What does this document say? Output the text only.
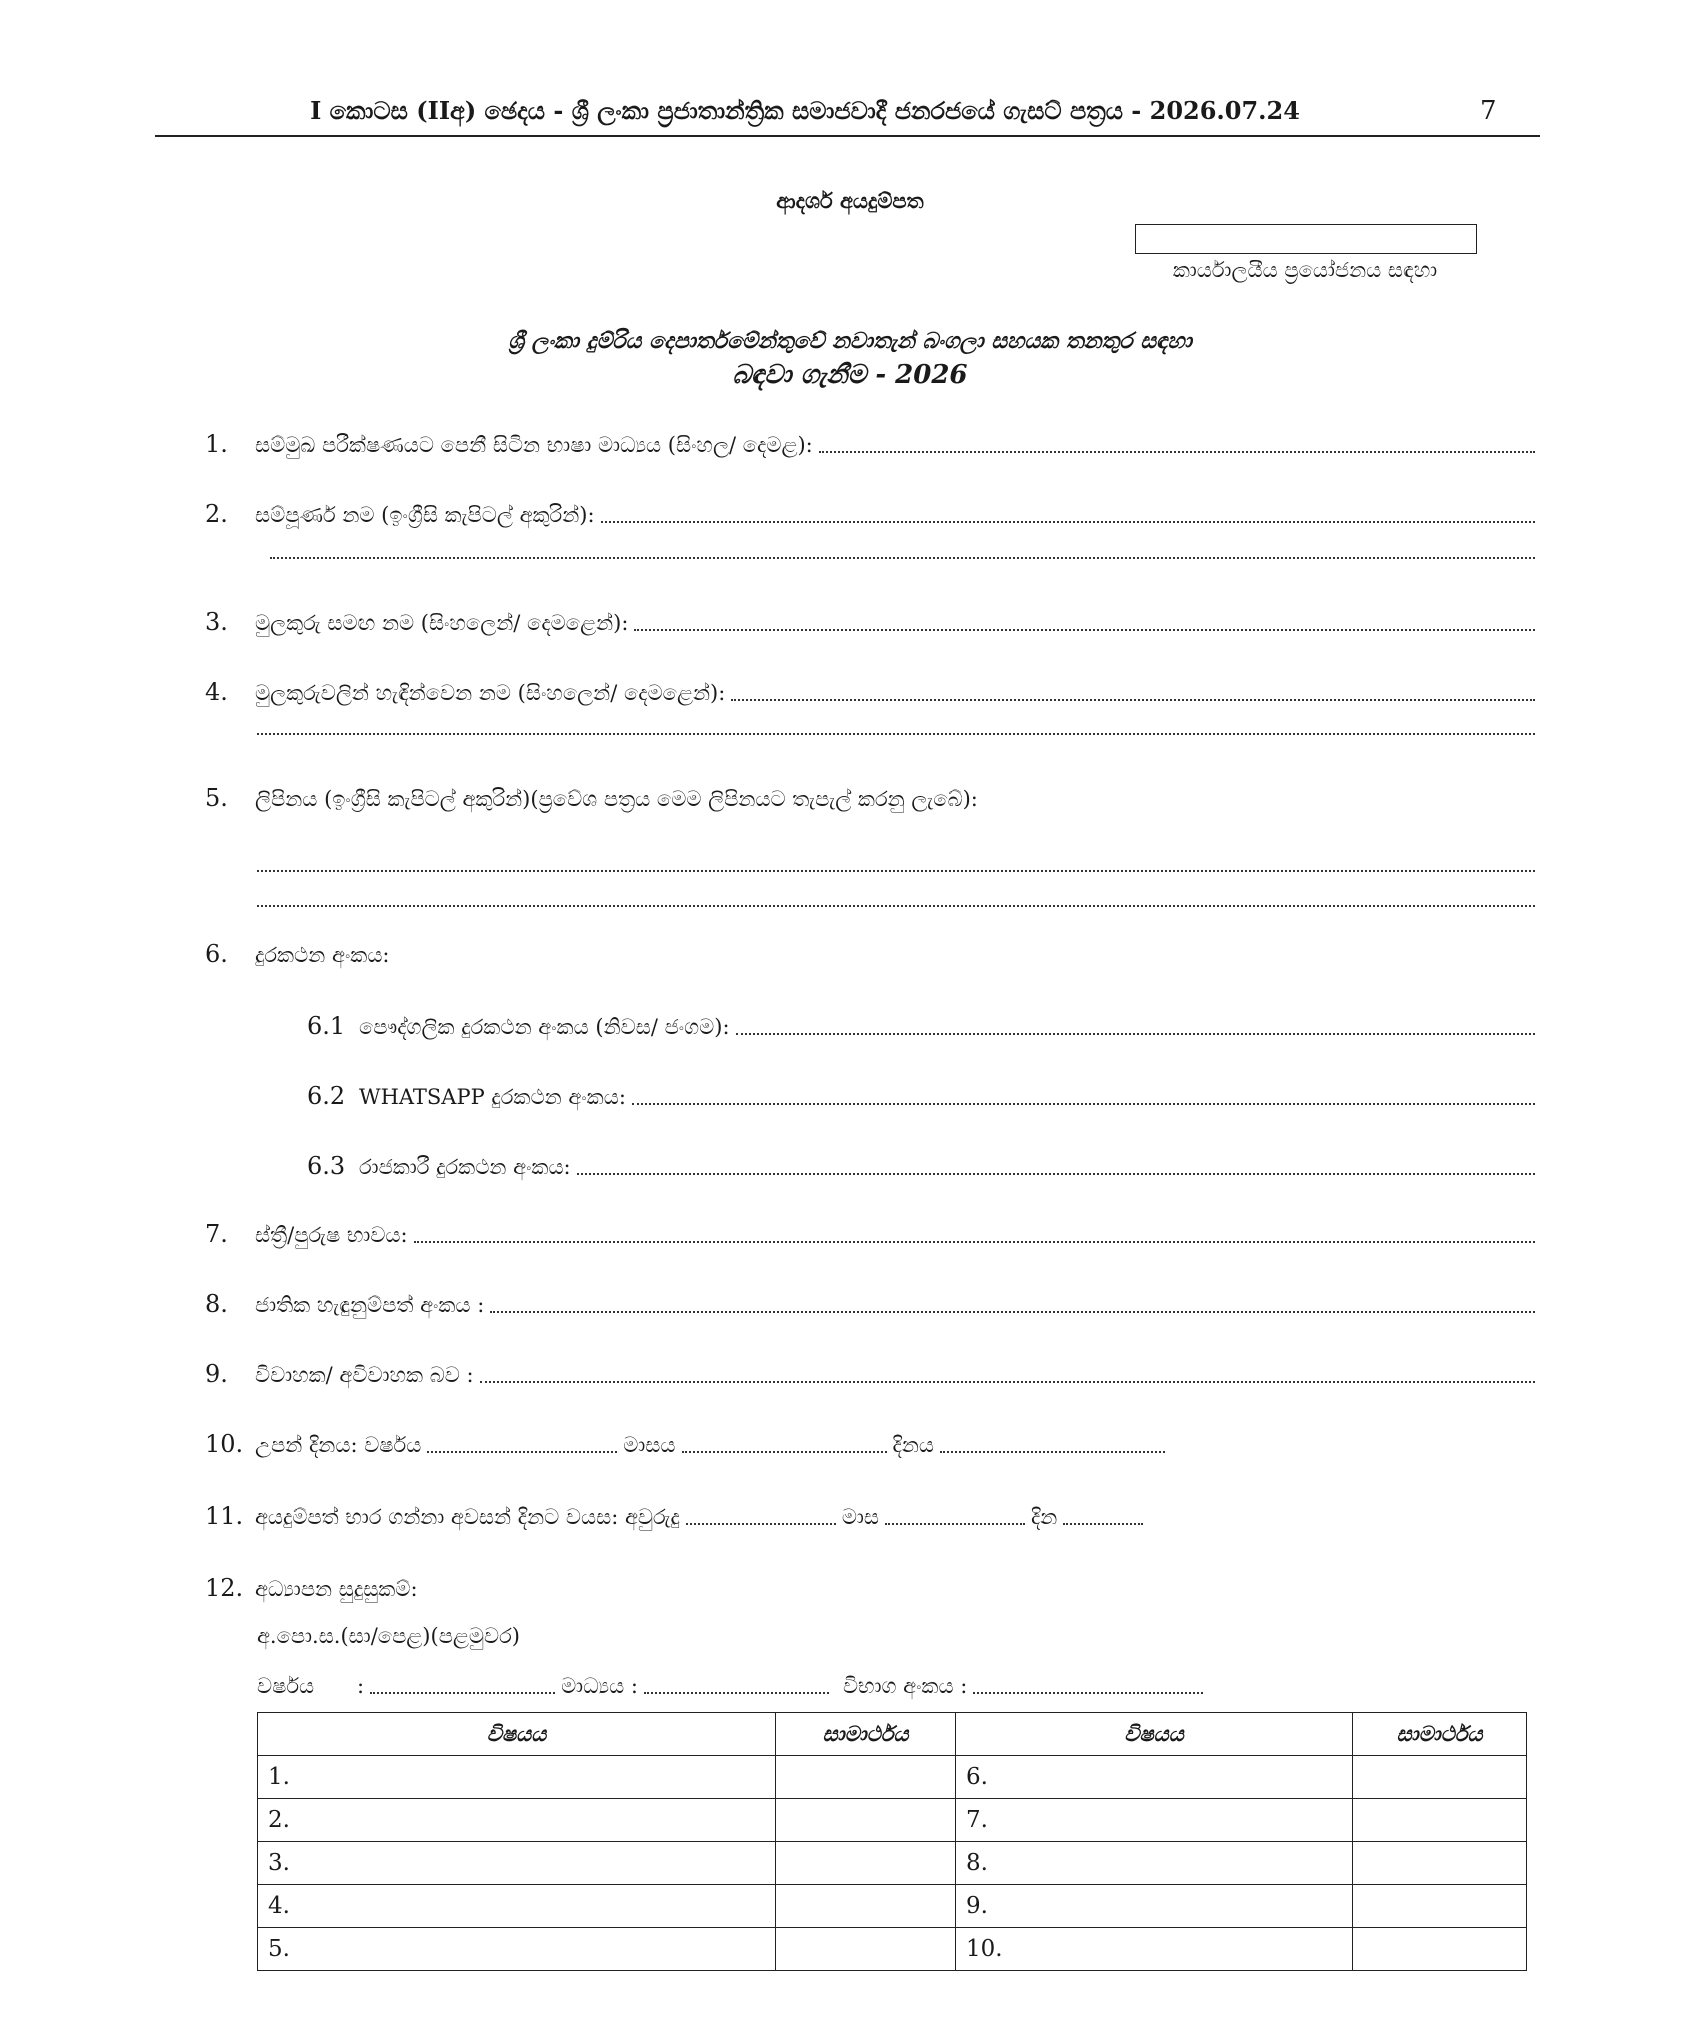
I කොටස (IIඅ) ඡෙදය - ශ්‍රී ලංකා ප්‍රජාතාන්ත්‍රික සමාජවාදී ජනරජයේ ගැසට් පත්‍රය - 2026.07.24	7
ආදර්ශ අයදුම්පත
කාර්යාලයීය ප්‍රයෝජනය සඳහා
ශ්‍රී ලංකා දුම්රිය දෙපාර්තමේන්තුවේ නවාතැන් බංගලා සහයක තනතුර සඳහා
බඳවා ගැනීම - 2026
1.	සම්මුඛ පරීක්ෂණයට පෙනී සිටින භාෂා මාධ්‍යය (සිංහල/ දෙමළ):
2.	සම්පූර්ණ නම (ඉංග්‍රීසි කැපිටල් අකුරින්):
3.	මුලකුරු සමඟ නම (සිංහලෙන්/ දෙමළෙන්):
4.	මුලකුරුවලින් හැඳින්වෙන නම (සිංහලෙන්/ දෙමළෙන්):
5.	ලිපිනය (ඉංග්‍රීසි කැපිටල් අකුරින්)(ප්‍රවේශ පත්‍රය මෙම ලිපිනයට තැපැල් කරනු ලැබේ):
6.	දුරකථන අංකය:
6.1 පෞද්ගලික දුරකථන අංකය (නිවස/ ජංගම):
6.2 WHATSAPP දුරකථන අංකය:
6.3 රාජකාරී දුරකථන අංකය:
7.	ස්ත්‍රී/පුරුෂ භාවය:
8.	ජාතික හැඳුනුම්පත් අංකය :
9.	විවාහක/ අවිවාහක බව :
10. උපන් දිනය: වර්ෂය	මාසය	දිනය
11. අයදුම්පත් භාර ගන්නා අවසන් දිනට වයස: අවුරුදු	මාස	දින
12. අධ්‍යාපන සුදුසුකම්:
අ.පො.ස.(සා/පෙළ)(පළමුවර)
වර්ෂය	:	මාධ්‍යය :	විභාග අංකය :
විෂයය	සාමාර්ථය	විෂයය	සාමාර්ථය
1.		6.	
2.		7.	
3.		8.	
4.		9.	
5.		10.	
